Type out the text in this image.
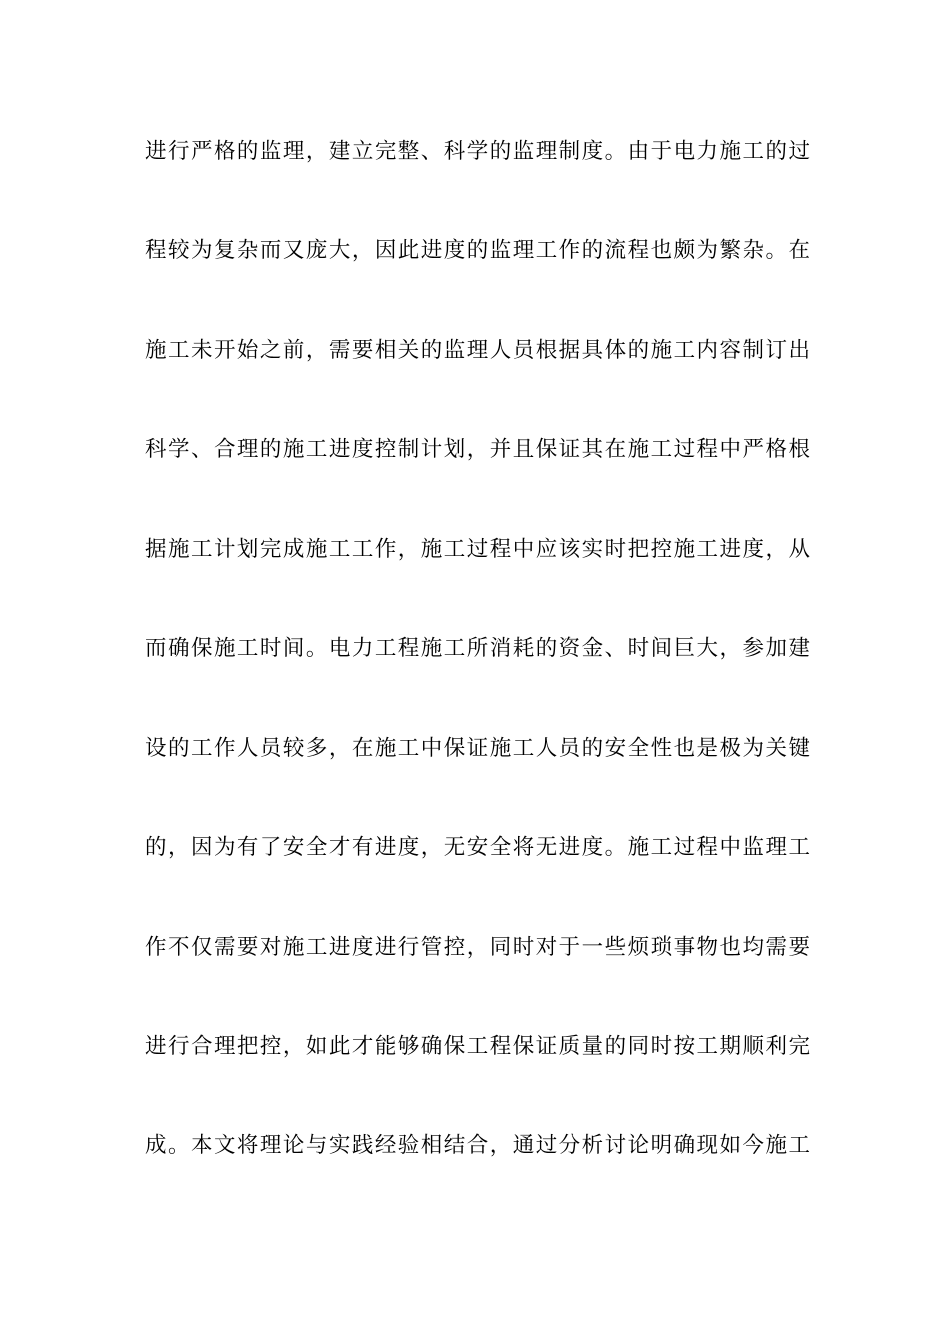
进行严格的监理，建立完整、科学的监理制度。由于电力施工的过
程较为复杂而又庞大，因此进度的监理工作的流程也颇为繁杂。在
施工未开始之前，需要相关的监理人员根据具体的施工内容制订出
科学、合理的施工进度控制计划，并且保证其在施工过程中严格根
据施工计划完成施工工作，施工过程中应该实时把控施工进度，从
而确保施工时间。电力工程施工所消耗的资金、时间巨大，参加建
设的工作人员较多，在施工中保证施工人员的安全性也是极为关键
的，因为有了安全才有进度，无安全将无进度。施工过程中监理工
作不仅需要对施工进度进行管控，同时对于一些烦琐事物也均需要
进行合理把控，如此才能够确保工程保证质量的同时按工期顺利完
成。本文将理论与实践经验相结合，通过分析讨论明确现如今施工
